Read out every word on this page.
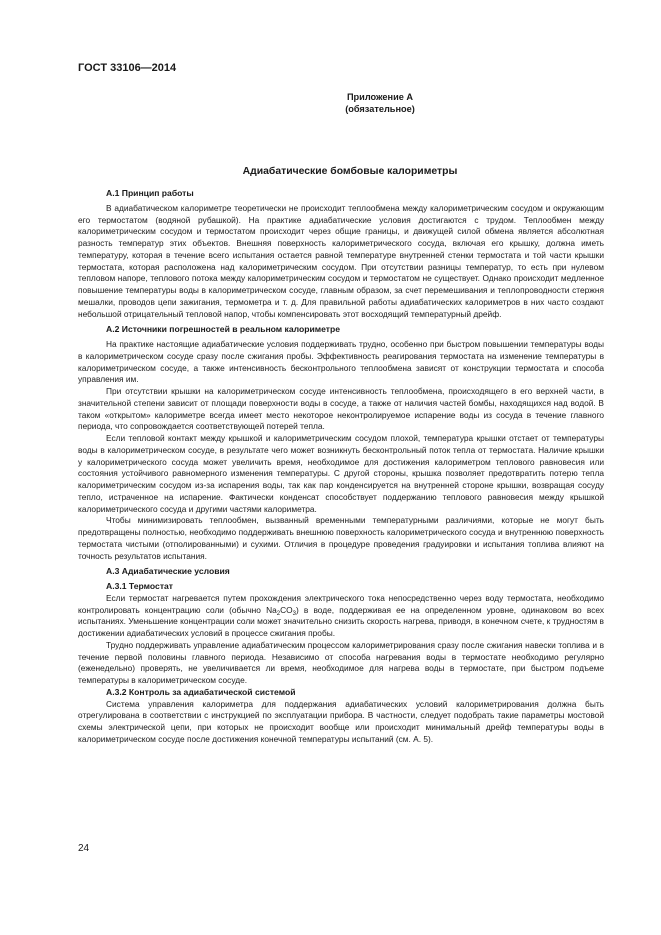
ГОСТ 33106—2014
Приложение А
(обязательное)
Адиабатические бомбовые калориметры
А.1 Принцип работы

В адиабатическом калориметре теоретически не происходит теплообмена между калориметрическим сосудом и окружающим его термостатом (водяной рубашкой). На практике адиабатические условия достигаются с трудом. Теплообмен между калориметрическим сосудом и термостатом происходит через общие границы, и движущей силой обмена является абсолютная разность температур этих объектов. Внешняя поверхность калориметрического сосуда, включая его крышку, должна иметь температуру, которая в течение всего испытания остается равной температуре внутренней стенки термостата и той части крышки термостата, которая расположена над калориметрическим сосудом. При отсутствии разницы температур, то есть при нулевом тепловом напоре, теплового потока между калориметрическим сосудом и термостатом не существует. Однако происходит медленное повышение температуры воды в калориметрическом сосуде, главным образом, за счет перемешивания и теплопроводности стержня мешалки, проводов цепи зажигания, термометра и т. д. Для правильной работы адиабатических калориметров в них часто создают небольшой отрицательный тепловой напор, чтобы компенсировать этот восходящий температурный дрейф.

А.2 Источники погрешностей в реальном калориметре

На практике настоящие адиабатические условия поддерживать трудно, особенно при быстром повышении температуры воды в калориметрическом сосуде сразу после сжигания пробы. Эффективность реагирования термостата на изменение температуры в калориметрическом сосуде, а также интенсивность бесконтрольного теплообмена зависят от конструкции термостата и способа управления им.

При отсутствии крышки на калориметрическом сосуде интенсивность теплообмена, происходящего в его верхней части, в значительной степени зависит от площади поверхности воды в сосуде, а также от наличия частей бомбы, находящихся над водой. В таком «открытом» калориметре всегда имеет место некоторое неконтролируемое испарение воды из сосуда в течение главного периода, что сопровождается соответствующей потерей тепла.

Если тепловой контакт между крышкой и калориметрическим сосудом плохой, температура крышки отстает от температуры воды в калориметрическом сосуде, в результате чего может возникнуть бесконтрольный поток тепла от термостата. Наличие крышки у калориметрического сосуда может увеличить время, необходимое для достижения калориметром теплового равновесия или состояния устойчивого равномерного изменения температуры. С другой стороны, крышка позволяет предотвратить потерю тепла калориметрическим сосудом из-за испарения воды, так как пар конденсируется на внутренней стороне крышки, возвращая сосуду тепло, истраченное на испарение. Фактически конденсат способствует поддержанию теплового равновесия между крышкой калориметрического сосуда и другими частями калориметра.

Чтобы минимизировать теплообмен, вызванный временными температурными различиями, которые не могут быть предотвращены полностью, необходимо поддерживать внешнюю поверхность калориметрического сосуда и внутреннюю поверхность термостата чистыми (отполированными) и сухими. Отличия в процедуре проведения градуировки и испытания топлива влияют на точность результатов испытания.

А.3 Адиабатические условия
А.3.1 Термостат

Если термостат нагревается путем прохождения электрического тока непосредственно через воду термостата, необходимо контролировать концентрацию соли (обычно $Na_2CO_3$) в воде, поддерживая ее на определенном уровне, одинаковом во всех испытаниях. Уменьшение концентрации соли может значительно снизить скорость нагрева, приводя, в конечном счете, к трудностям в достижении адиабатических условий в процессе сжигания пробы.

Трудно поддерживать управление адиабатическим процессом калориметрирования сразу после сжигания навески топлива и в течение первой половины главного периода. Независимо от способа нагревания воды в термостате необходимо регулярно (еженедельно) проверять, не увеличивается ли время, необходимое для нагрева воды в термостате, при быстром подъеме температуры в калориметрическом сосуде.

А.3.2 Контроль за адиабатической системой

Система управления калориметра для поддержания адиабатических условий калориметрирования должна быть отрегулирована в соответствии с инструкцией по эксплуатации прибора. В частности, следует подобрать такие параметры мостовой схемы электрической цепи, при которых не происходит вообще или происходит минимальный дрейф температуры воды в калориметрическом сосуде после достижения конечной температуры испытаний (см. А. 5).

24
